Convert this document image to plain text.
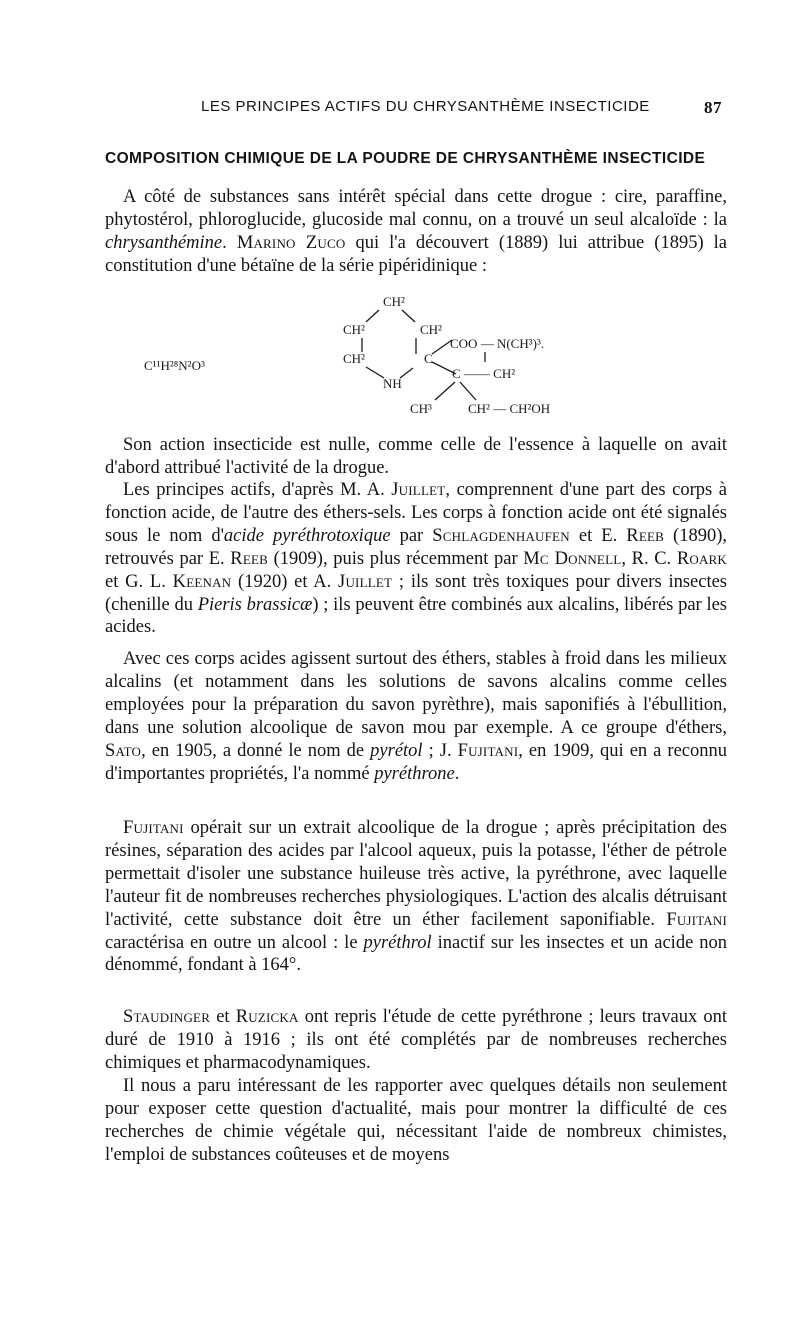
LES PRINCIPES ACTIFS DU CHRYSANTHÈME INSECTICIDE	87
COMPOSITION CHIMIQUE DE LA POUDRE DE CHRYSANTHÈME INSECTICIDE

A côté de substances sans intérêt spécial dans cette drogue : cire, paraffine, phytostérol, phloroglucide, glucoside mal connu, on a trouvé un seul alcaloïde : la chrysanthémine. Marino Zuco qui l'a découvert (1889) lui attribue (1895) la constitution d'une bétaïne de la série pipéridinique :

C¹¹H²⁸N²O³
CH²
CH²	CH²
CH²	C
NH
COO — N(CH³)³.
C —— CH²
CH³	CH² — CH²OH

Son action insecticide est nulle, comme celle de l'essence à laquelle on avait d'abord attribué l'activité de la drogue.

Les principes actifs, d'après M. A. Juillet, comprennent d'une part des corps à fonction acide, de l'autre des éthers-sels. Les corps à fonction acide ont été signalés sous le nom d'acide pyréthrotoxique par Schlagdenhaufen et E. Reeb (1890), retrouvés par E. Reeb (1909), puis plus récemment par Mc Donnell, R. C. Roark et G. L. Keenan (1920) et A. Juillet ; ils sont très toxiques pour divers insectes (chenille du Pieris brassicæ) ; ils peuvent être combinés aux alcalins, libérés par les acides.

Avec ces corps acides agissent surtout des éthers, stables à froid dans les milieux alcalins (et notamment dans les solutions de savons alcalins comme celles employées pour la préparation du savon pyrèthre), mais saponifiés à l'ébullition, dans une solution alcoolique de savon mou par exemple. A ce groupe d'éthers, Sato, en 1905, a donné le nom de pyrétol ; J. Fujitani, en 1909, qui en a reconnu d'importantes propriétés, l'a nommé pyréthrone.

Fujitani opérait sur un extrait alcoolique de la drogue ; après précipitation des résines, séparation des acides par l'alcool aqueux, puis la potasse, l'éther de pétrole permettait d'isoler une substance huileuse très active, la pyréthrone, avec laquelle l'auteur fit de nombreuses recherches physiologiques. L'action des alcalis détruisant l'activité, cette substance doit être un éther facilement saponifiable. Fujitani caractérisa en outre un alcool : le pyréthrol inactif sur les insectes et un acide non dénommé, fondant à 164°.

Staudinger et Ruzicka ont repris l'étude de cette pyréthrone ; leurs travaux ont duré de 1910 à 1916 ; ils ont été complétés par de nombreuses recherches chimiques et pharmacodynamiques.

Il nous a paru intéressant de les rapporter avec quelques détails non seulement pour exposer cette question d'actualité, mais pour montrer la difficulté de ces recherches de chimie végétale qui, nécessitant l'aide de nombreux chimistes, l'emploi de substances coûteuses et de moyens
